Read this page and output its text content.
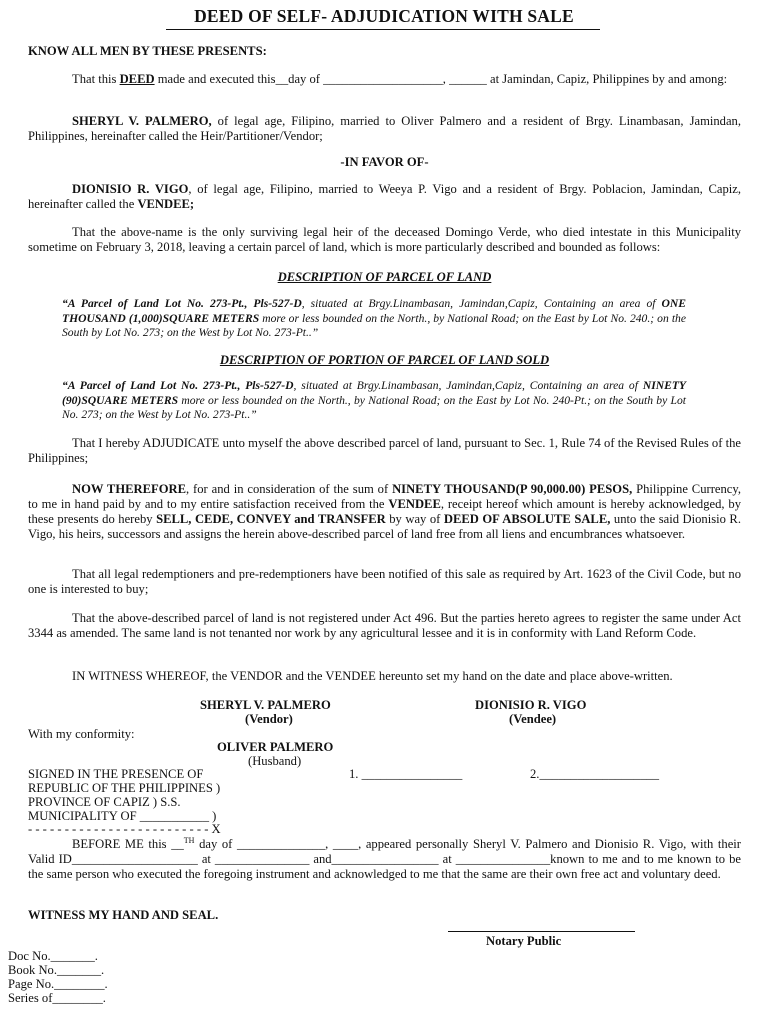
DEED OF SELF- ADJUDICATION WITH SALE
KNOW ALL MEN BY THESE PRESENTS:
That this DEED made and executed this__day of ___________________, ______ at Jamindan, Capiz, Philippines by and among:
SHERYL V. PALMERO, of legal age, Filipino, married to Oliver Palmero and a resident of Brgy. Linambasan, Jamindan, Philippines, hereinafter called the Heir/Partitioner/Vendor;
-IN FAVOR OF-
DIONISIO R. VIGO, of legal age, Filipino, married to Weeya P. Vigo and a resident of Brgy. Poblacion, Jamindan, Capiz, hereinafter called the VENDEE;
That the above-name is the only surviving legal heir of the deceased Domingo Verde, who died intestate in this Municipality sometime on February 3, 2018, leaving a certain parcel of land, which is more particularly described and bounded as follows:
DESCRIPTION OF PARCEL OF LAND
“A Parcel of Land Lot No. 273-Pt., Pls-527-D, situated at Brgy.Linambasan, Jamindan,Capiz, Containing an area of ONE THOUSAND (1,000)SQUARE METERS more or less bounded on the North., by National Road; on the East by Lot No. 240.; on the South by Lot No. 273; on the West by Lot No. 273-Pt..”
DESCRIPTION OF PORTION OF PARCEL OF LAND SOLD
“A Parcel of Land Lot No. 273-Pt., Pls-527-D, situated at Brgy.Linambasan, Jamindan,Capiz, Containing an area of NINETY (90)SQUARE METERS more or less bounded on the North., by National Road; on the East by Lot No. 240-Pt.; on the South by Lot No. 273; on the West by Lot No. 273-Pt..”
That I hereby ADJUDICATE unto myself the above described parcel of land, pursuant to Sec. 1, Rule 74 of the Revised Rules of the Philippines;
NOW THEREFORE, for and in consideration of the sum of NINETY THOUSAND(P 90,000.00) PESOS, Philippine Currency, to me in hand paid by and to my entire satisfaction received from the VENDEE, receipt hereof which amount is hereby acknowledged, by these presents do hereby SELL, CEDE, CONVEY and TRANSFER by way of DEED OF ABSOLUTE SALE, unto the said Dionisio R. Vigo, his heirs, successors and assigns the herein above-described parcel of land free from all liens and encumbrances whatsoever.
That all legal redemptioners and pre-redemptioners have been notified of this sale as required by Art. 1623 of the Civil Code, but no one is interested to buy;
That the above-described parcel of land is not registered under Act 496. But the parties hereto agrees to register the same under Act 3344 as amended. The same land is not tenanted nor work by any agricultural lessee and it is in conformity with Land Reform Code.
IN WITNESS WHEREOF, the VENDOR and the VENDEE hereunto set my hand on the date and place above-written.
SHERYL V. PALMERO
(Vendor)
DIONISIO R. VIGO
(Vendee)
With my conformity:
OLIVER PALMERO
(Husband)
SIGNED IN THE PRESENCE OF	1. ________________	2.___________________
REPUBLIC OF THE PHILIPPINES )
PROVINCE OF CAPIZ ) S.S.
MUNICIPALITY OF ___________ )
- - - - - - - - - - - - - - - - - - - - - - - - - X
BEFORE ME this __$^{TH}$ day of ______________, ____, appeared personally Sheryl V. Palmero and Dionisio R. Vigo, with their Valid ID____________________ at _______________ and_________________ at _______________known to me and to me known to be the same person who executed the foregoing instrument and acknowledged to me that the same are their own free act and voluntary deed.
WITNESS MY HAND AND SEAL.
Notary Public
Doc No._______.
Book No._______.
Page No.________.
Series of________.
